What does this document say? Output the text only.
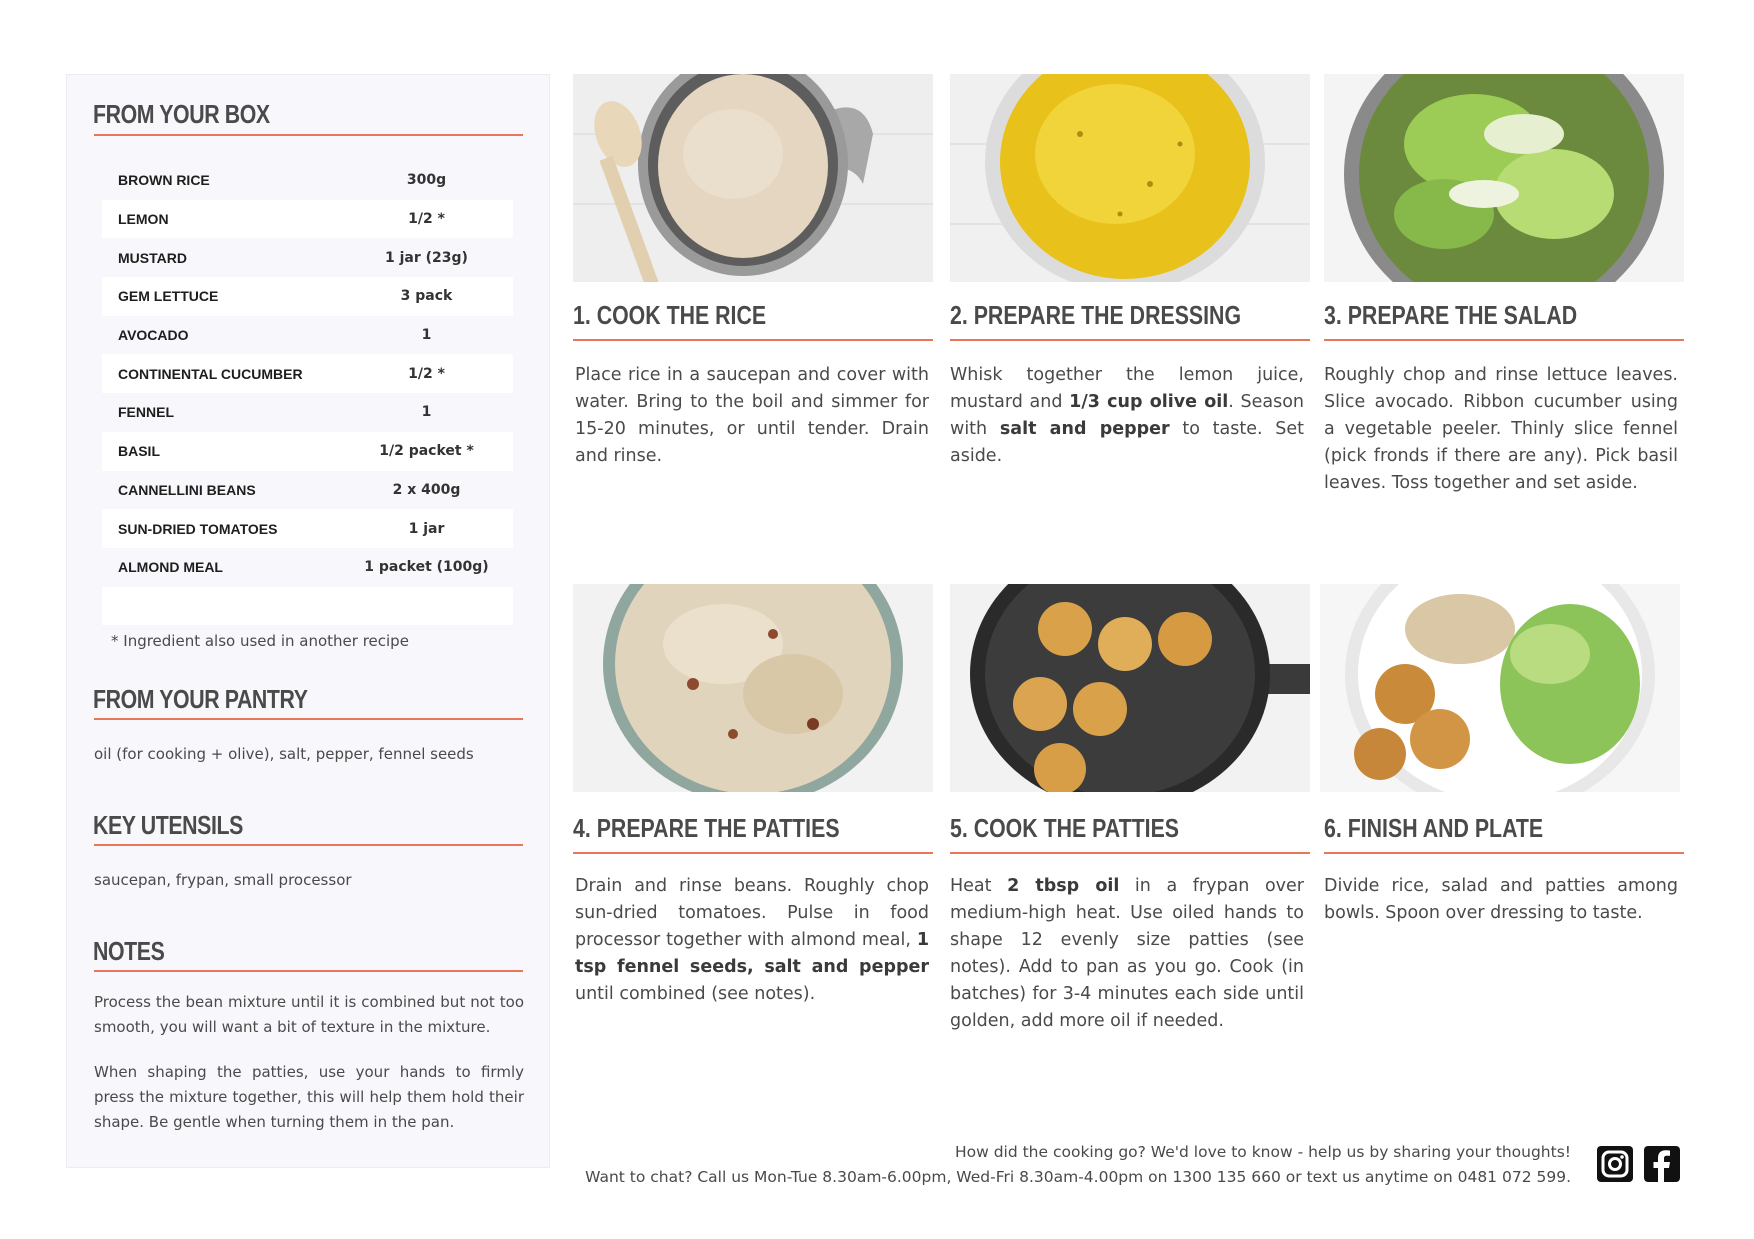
FROM YOUR BOX
BROWN RICE	300g
LEMON	1/2 *
MUSTARD	1 jar (23g)
GEM LETTUCE	3 pack
AVOCADO	1
CONTINENTAL CUCUMBER	1/2 *
FENNEL	1
BASIL	1/2 packet *
CANNELLINI BEANS	2 x 400g
SUN-DRIED TOMATOES	1 jar
ALMOND MEAL	1 packet (100g)
* Ingredient also used in another recipe
FROM YOUR PANTRY
oil (for cooking + olive), salt, pepper, fennel seeds
KEY UTENSILS
saucepan, frypan, small processor
NOTES
Process the bean mixture until it is combined but not too smooth, you will want a bit of texture in the mixture.
When shaping the patties, use your hands to firmly press the mixture together, this will help them hold their shape. Be gentle when turning them in the pan.
1. COOK THE RICE
Place rice in a saucepan and cover with water. Bring to the boil and simmer for 15-20 minutes, or until tender. Drain and rinse.
2. PREPARE THE DRESSING
Whisk together the lemon juice, mustard and 1/3 cup olive oil. Season with salt and pepper to taste. Set aside.
3. PREPARE THE SALAD
Roughly chop and rinse lettuce leaves. Slice avocado. Ribbon cucumber using a vegetable peeler. Thinly slice fennel (pick fronds if there are any). Pick basil leaves. Toss together and set aside.
4. PREPARE THE PATTIES
Drain and rinse beans. Roughly chop sun-dried tomatoes. Pulse in food processor together with almond meal, 1 tsp fennel seeds, salt and pepper until combined (see notes).
5. COOK THE PATTIES
Heat 2 tbsp oil in a frypan over medium-high heat. Use oiled hands to shape 12 evenly size patties (see notes). Add to pan as you go. Cook (in batches) for 3-4 minutes each side until golden, add more oil if needed.
6. FINISH AND PLATE
Divide rice, salad and patties among bowls. Spoon over dressing to taste.
How did the cooking go? We'd love to know - help us by sharing your thoughts!
Want to chat? Call us Mon-Tue 8.30am-6.00pm, Wed-Fri 8.30am-4.00pm on 1300 135 660 or text us anytime on 0481 072 599.
